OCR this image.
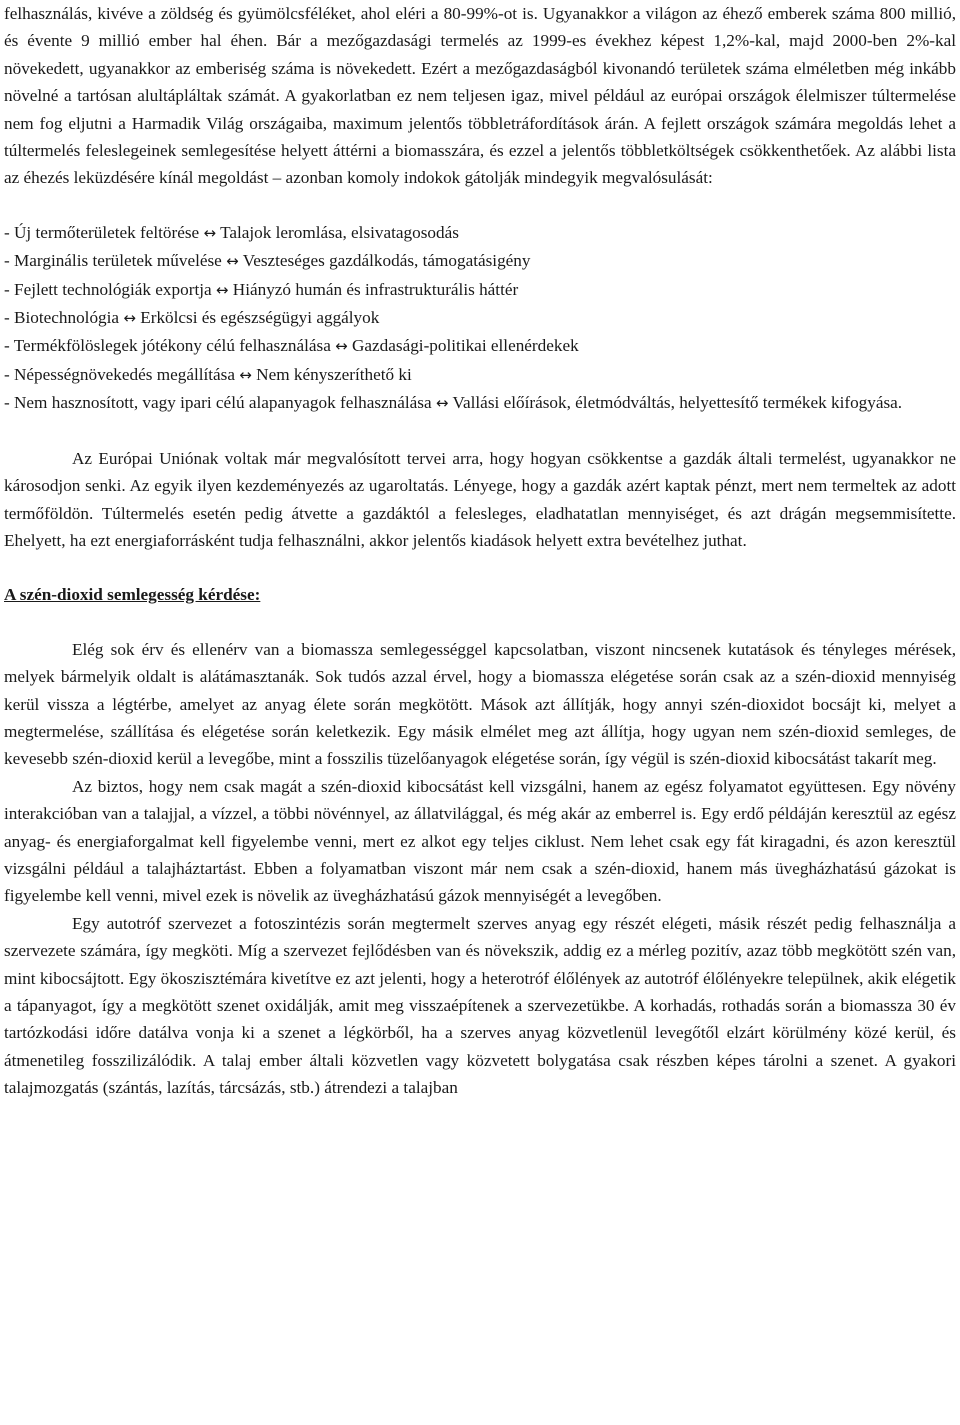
felhasználás, kivéve a zöldség és gyümölcsféléket, ahol eléri a 80-99%-ot is. Ugyanakkor a világon az éhező emberek száma 800 millió, és évente 9 millió ember hal éhen. Bár a mezőgazdasági termelés az 1999-es évekhez képest 1,2%-kal, majd 2000-ben 2%-kal növekedett, ugyanakkor az emberiség száma is növekedett. Ezért a mezőgazdaságból kivonandó területek száma elméletben még inkább növelné a tartósan alultápláltak számát. A gyakorlatban ez nem teljesen igaz, mivel például az európai országok élelmiszer túltermelése nem fog eljutni a Harmadik Világ országaiba, maximum jelentős többletráfordítások árán. A fejlett országok számára megoldás lehet a túltermelés feleslegeinek semlegesítése helyett áttérni a biomasszára, és ezzel a jelentős többletköltségek csökkenthetőek. Az alábbi lista az éhezés leküzdésére kínál megoldást – azonban komoly indokok gátolják mindegyik megvalósulását:

- Új termőterületek feltörése ↔ Talajok leromlása, elsivatagosodás

- Marginális területek művelése ↔ Veszteséges gazdálkodás, támogatásigény

- Fejlett technológiák exportja ↔ Hiányzó humán és infrastrukturális háttér

- Biotechnológia ↔ Erkölcsi és egészségügyi aggályok

- Termékfölöslegek jótékony célú felhasználása ↔ Gazdasági-politikai ellenérdekek

- Népességnövekedés megállítása ↔ Nem kényszeríthető ki

- Nem hasznosított, vagy ipari célú alapanyagok felhasználása ↔ Vallási előírások, életmódváltás, helyettesítő termékek kifogyása.

Az Európai Uniónak voltak már megvalósított tervei arra, hogy hogyan csökkentse a gazdák általi termelést, ugyanakkor ne károsodjon senki. Az egyik ilyen kezdeményezés az ugaroltatás. Lényege, hogy a gazdák azért kaptak pénzt, mert nem termeltek az adott termőföldön. Túltermelés esetén pedig átvette a gazdáktól a felesleges, eladhatatlan mennyiséget, és azt drágán megsemmisítette. Ehelyett, ha ezt energiaforrásként tudja felhasználni, akkor jelentős kiadások helyett extra bevételhez juthat.

A szén-dioxid semlegesség kérdése:

Elég sok érv és ellenérv van a biomassza semlegességgel kapcsolatban, viszont nincsenek kutatások és tényleges mérések, melyek bármelyik oldalt is alátámasztanák. Sok tudós azzal érvel, hogy a biomassza elégetése során csak az a szén-dioxid mennyiség kerül vissza a légtérbe, amelyet az anyag élete során megkötött. Mások azt állítják, hogy annyi szén-dioxidot bocsájt ki, melyet a megtermelése, szállítása és elégetése során keletkezik. Egy másik elmélet meg azt állítja, hogy ugyan nem szén-dioxid semleges, de kevesebb szén-dioxid kerül a levegőbe, mint a fosszilis tüzelőanyagok elégetése során, így végül is szén-dioxid kibocsátást takarít meg.

Az biztos, hogy nem csak magát a szén-dioxid kibocsátást kell vizsgálni, hanem az egész folyamatot együttesen. Egy növény interakcióban van a talajjal, a vízzel, a többi növénnyel, az állatvilággal, és még akár az emberrel is. Egy erdő példáján keresztül az egész anyag- és energiaforgalmat kell figyelembe venni, mert ez alkot egy teljes ciklust. Nem lehet csak egy fát kiragadni, és azon keresztül vizsgálni például a talajháztartást. Ebben a folyamatban viszont már nem csak a szén-dioxid, hanem más üvegházhatású gázokat is figyelembe kell venni, mivel ezek is növelik az üvegházhatású gázok mennyiségét a levegőben.

Egy autotróf szervezet a fotoszintézis során megtermelt szerves anyag egy részét elégeti, másik részét pedig felhasználja a szervezete számára, így megköti. Míg a szervezet fejlődésben van és növekszik, addig ez a mérleg pozitív, azaz több megkötött szén van, mint kibocsájtott. Egy ökoszisztémára kivetítve ez azt jelenti, hogy a heterotróf élőlények az autotróf élőlényekre települnek, akik elégetik a tápanyagot, így a megkötött szenet oxidálják, amit meg visszaépítenek a szervezetükbe. A korhadás, rothadás során a biomassza 30 év tartózkodási időre datálva vonja ki a szenet a légkörből, ha a szerves anyag közvetlenül levegőtől elzárt körülmény közé kerül, és átmenetileg fosszilizálódik. A talaj ember általi közvetlen vagy közvetett bolygatása csak részben képes tárolni a szenet. A gyakori talajmozgatás (szántás, lazítás, tárcsázás, stb.) átrendezi a talajban
